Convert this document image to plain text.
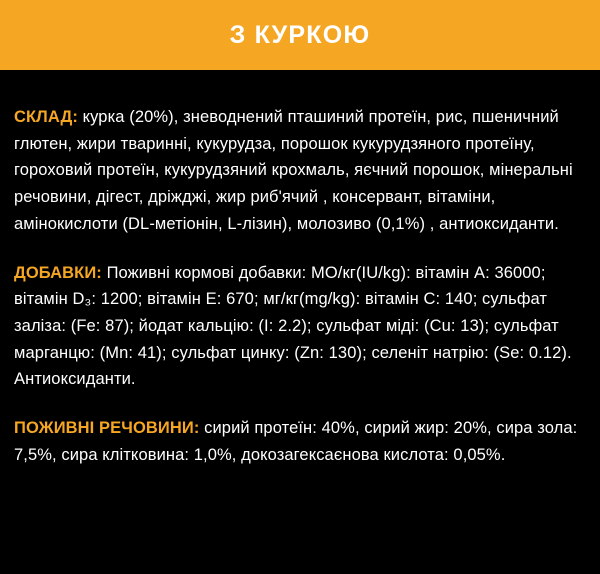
З КУРКОЮ

СКЛАД: курка (20%), зневоднений пташиний протеїн, рис, пшеничний глютен, жири тваринні, кукурудза, порошок кукурудзяного протеїну, гороховий протеїн, кукурудзяний крохмаль, яєчний порошок, мінеральні речовини, дігест, дріжджі, жир риб'ячий , консервант, вітаміни, амінокислоти (DL-метіонін, L-лізин), молозиво (0,1%) , антиоксиданти.

ДОБАВКИ: Поживні кормові добавки: МО/кг(IU/kg): вітамін А: 36000; вітамін D₃: 1200; вітамін Е: 670; мг/кг(mg/kg): вітамін С: 140; сульфат заліза: (Fe: 87); йодат кальцію: (I: 2.2); сульфат міді: (Cu: 13); сульфат марганцю: (Mn: 41); сульфат цинку: (Zn: 130); селеніт натрію: (Se: 0.12). Антиоксиданти.

ПОЖИВНІ РЕЧОВИНИ: сирий протеїн: 40%, сирий жир: 20%, сира зола: 7,5%, сира клітковина: 1,0%, докозагексаєнова кислота: 0,05%.
